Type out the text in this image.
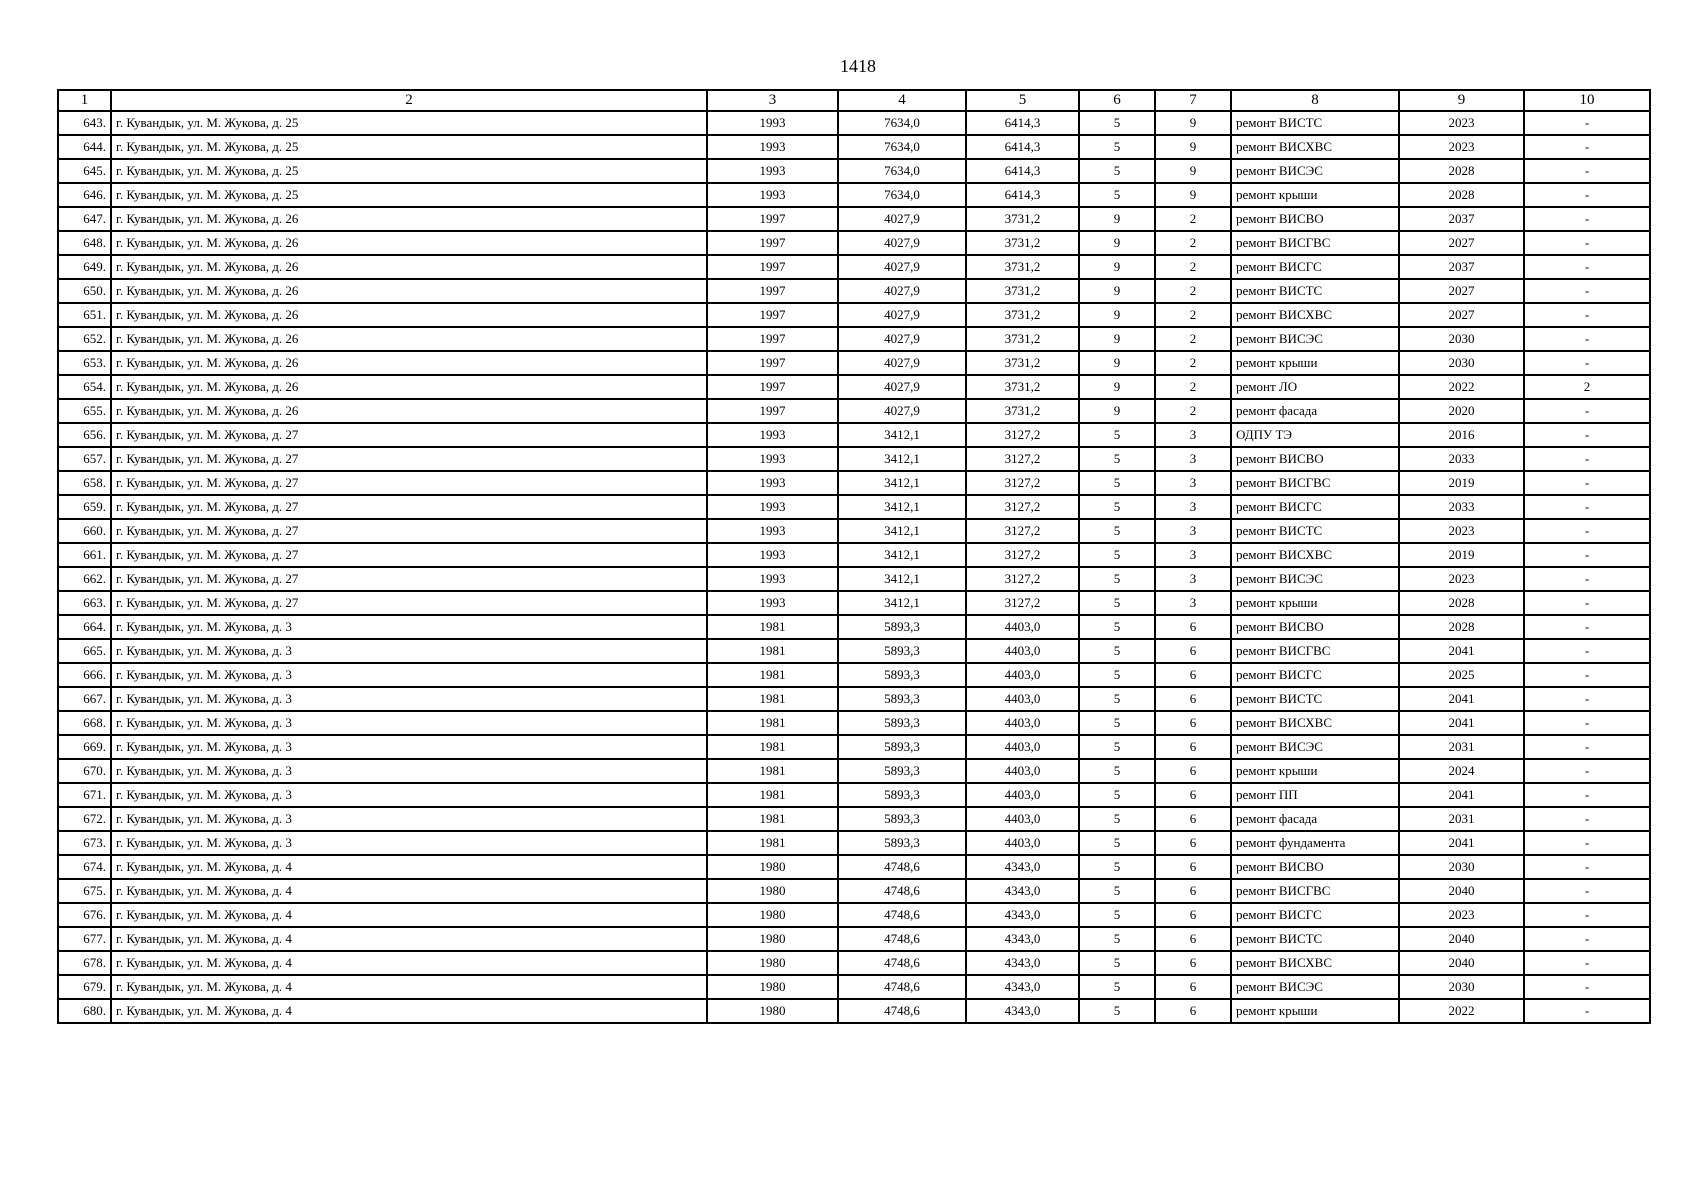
1418
1	2	3	4	5	6	7	8	9	10
643.	г. Кувандык, ул. М. Жукова, д. 25	1993	7634,0	6414,3	5	9	ремонт ВИСТС	2023	-
644.	г. Кувандык, ул. М. Жукова, д. 25	1993	7634,0	6414,3	5	9	ремонт ВИСХВС	2023	-
645.	г. Кувандык, ул. М. Жукова, д. 25	1993	7634,0	6414,3	5	9	ремонт ВИСЭС	2028	-
646.	г. Кувандык, ул. М. Жукова, д. 25	1993	7634,0	6414,3	5	9	ремонт крыши	2028	-
647.	г. Кувандык, ул. М. Жукова, д. 26	1997	4027,9	3731,2	9	2	ремонт ВИСВО	2037	-
648.	г. Кувандык, ул. М. Жукова, д. 26	1997	4027,9	3731,2	9	2	ремонт ВИСГВС	2027	-
649.	г. Кувандык, ул. М. Жукова, д. 26	1997	4027,9	3731,2	9	2	ремонт ВИСГС	2037	-
650.	г. Кувандык, ул. М. Жукова, д. 26	1997	4027,9	3731,2	9	2	ремонт ВИСТС	2027	-
651.	г. Кувандык, ул. М. Жукова, д. 26	1997	4027,9	3731,2	9	2	ремонт ВИСХВС	2027	-
652.	г. Кувандык, ул. М. Жукова, д. 26	1997	4027,9	3731,2	9	2	ремонт ВИСЭС	2030	-
653.	г. Кувандык, ул. М. Жукова, д. 26	1997	4027,9	3731,2	9	2	ремонт крыши	2030	-
654.	г. Кувандык, ул. М. Жукова, д. 26	1997	4027,9	3731,2	9	2	ремонт ЛО	2022	2
655.	г. Кувандык, ул. М. Жукова, д. 26	1997	4027,9	3731,2	9	2	ремонт фасада	2020	-
656.	г. Кувандык, ул. М. Жукова, д. 27	1993	3412,1	3127,2	5	3	ОДПУ ТЭ	2016	-
657.	г. Кувандык, ул. М. Жукова, д. 27	1993	3412,1	3127,2	5	3	ремонт ВИСВО	2033	-
658.	г. Кувандык, ул. М. Жукова, д. 27	1993	3412,1	3127,2	5	3	ремонт ВИСГВС	2019	-
659.	г. Кувандык, ул. М. Жукова, д. 27	1993	3412,1	3127,2	5	3	ремонт ВИСГС	2033	-
660.	г. Кувандык, ул. М. Жукова, д. 27	1993	3412,1	3127,2	5	3	ремонт ВИСТС	2023	-
661.	г. Кувандык, ул. М. Жукова, д. 27	1993	3412,1	3127,2	5	3	ремонт ВИСХВС	2019	-
662.	г. Кувандык, ул. М. Жукова, д. 27	1993	3412,1	3127,2	5	3	ремонт ВИСЭС	2023	-
663.	г. Кувандык, ул. М. Жукова, д. 27	1993	3412,1	3127,2	5	3	ремонт крыши	2028	-
664.	г. Кувандык, ул. М. Жукова, д. 3	1981	5893,3	4403,0	5	6	ремонт ВИСВО	2028	-
665.	г. Кувандык, ул. М. Жукова, д. 3	1981	5893,3	4403,0	5	6	ремонт ВИСГВС	2041	-
666.	г. Кувандык, ул. М. Жукова, д. 3	1981	5893,3	4403,0	5	6	ремонт ВИСГС	2025	-
667.	г. Кувандык, ул. М. Жукова, д. 3	1981	5893,3	4403,0	5	6	ремонт ВИСТС	2041	-
668.	г. Кувандык, ул. М. Жукова, д. 3	1981	5893,3	4403,0	5	6	ремонт ВИСХВС	2041	-
669.	г. Кувандык, ул. М. Жукова, д. 3	1981	5893,3	4403,0	5	6	ремонт ВИСЭС	2031	-
670.	г. Кувандык, ул. М. Жукова, д. 3	1981	5893,3	4403,0	5	6	ремонт крыши	2024	-
671.	г. Кувандык, ул. М. Жукова, д. 3	1981	5893,3	4403,0	5	6	ремонт ПП	2041	-
672.	г. Кувандык, ул. М. Жукова, д. 3	1981	5893,3	4403,0	5	6	ремонт фасада	2031	-
673.	г. Кувандык, ул. М. Жукова, д. 3	1981	5893,3	4403,0	5	6	ремонт фундамента	2041	-
674.	г. Кувандык, ул. М. Жукова, д. 4	1980	4748,6	4343,0	5	6	ремонт ВИСВО	2030	-
675.	г. Кувандык, ул. М. Жукова, д. 4	1980	4748,6	4343,0	5	6	ремонт ВИСГВС	2040	-
676.	г. Кувандык, ул. М. Жукова, д. 4	1980	4748,6	4343,0	5	6	ремонт ВИСГС	2023	-
677.	г. Кувандык, ул. М. Жукова, д. 4	1980	4748,6	4343,0	5	6	ремонт ВИСТС	2040	-
678.	г. Кувандык, ул. М. Жукова, д. 4	1980	4748,6	4343,0	5	6	ремонт ВИСХВС	2040	-
679.	г. Кувандык, ул. М. Жукова, д. 4	1980	4748,6	4343,0	5	6	ремонт ВИСЭС	2030	-
680.	г. Кувандык, ул. М. Жукова, д. 4	1980	4748,6	4343,0	5	6	ремонт крыши	2022	-
